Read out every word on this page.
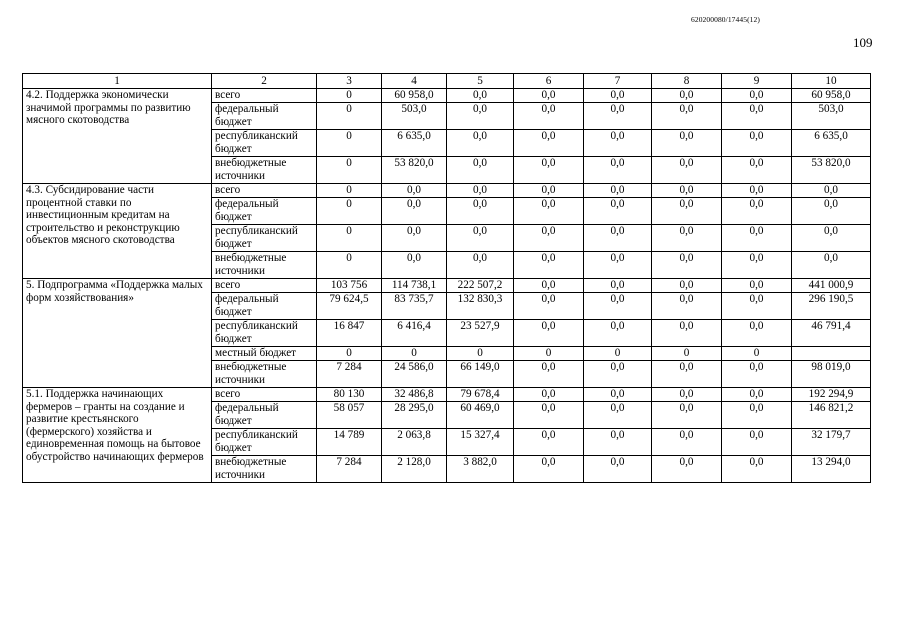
620200080/17445(12)
109
1	2	3	4	5	6	7	8	9	10
4.2. Поддержка экономически значимой программы по развитию мясного скотоводства	всего	0	60 958,0	0,0	0,0	0,0	0,0	0,0	60 958,0
	федеральный бюджет	0	503,0	0,0	0,0	0,0	0,0	0,0	503,0
	республиканский бюджет	0	6 635,0	0,0	0,0	0,0	0,0	0,0	6 635,0
	внебюджетные источники	0	53 820,0	0,0	0,0	0,0	0,0	0,0	53 820,0
4.3. Субсидирование части процентной ставки по инвестиционным кредитам на строительство и реконструкцию объектов мясного скотоводства	всего	0	0,0	0,0	0,0	0,0	0,0	0,0	0,0
	федеральный бюджет	0	0,0	0,0	0,0	0,0	0,0	0,0	0,0
	республиканский бюджет	0	0,0	0,0	0,0	0,0	0,0	0,0	0,0
	внебюджетные источники	0	0,0	0,0	0,0	0,0	0,0	0,0	0,0
5. Подпрограмма «Поддержка малых форм хозяйствования»	всего	103 756	114 738,1	222 507,2	0,0	0,0	0,0	0,0	441 000,9
	федеральный бюджет	79 624,5	83 735,7	132 830,3	0,0	0,0	0,0	0,0	296 190,5
	республиканский бюджет	16 847	6 416,4	23 527,9	0,0	0,0	0,0	0,0	46 791,4
	местный бюджет	0	0	0	0	0	0	0	
	внебюджетные источники	7 284	24 586,0	66 149,0	0,0	0,0	0,0	0,0	98 019,0
5.1. Поддержка начинающих фермеров – гранты на создание и развитие крестьянского (фермерского) хозяйства и единовременная помощь на бытовое обустройство начинающих фермеров	всего	80 130	32 486,8	79 678,4	0,0	0,0	0,0	0,0	192 294,9
	федеральный бюджет	58 057	28 295,0	60 469,0	0,0	0,0	0,0	0,0	146 821,2
	республиканский бюджет	14 789	2 063,8	15 327,4	0,0	0,0	0,0	0,0	32 179,7
	внебюджетные источники	7 284	2 128,0	3 882,0	0,0	0,0	0,0	0,0	13 294,0
